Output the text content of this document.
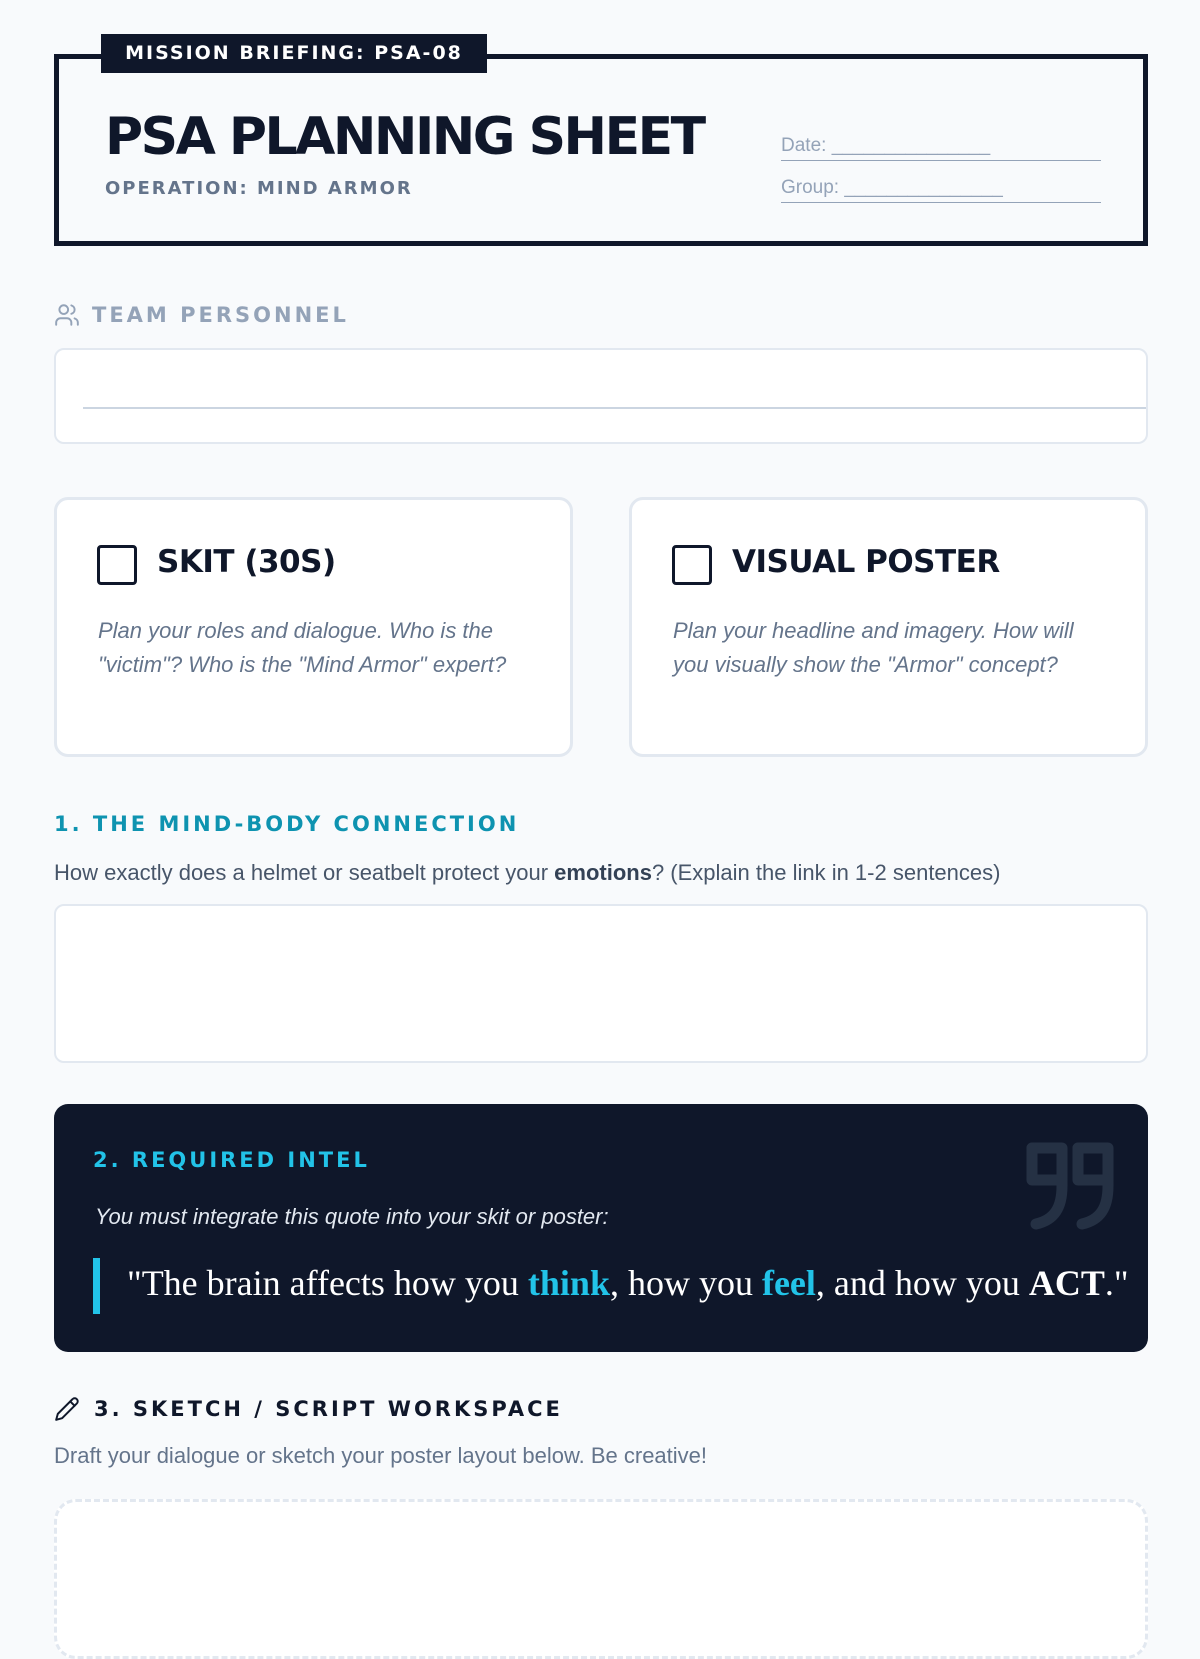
PSA PLANNING SHEET
OPERATION: MIND ARMOR
Date: _______________
Group: _______________
MISSION BRIEFING: PSA-08
TEAM PERSONNEL
SKIT (30S)
Plan your roles and dialogue. Who is the "victim"? Who is the "Mind Armor" expert?
VISUAL POSTER
Plan your headline and imagery. How will you visually show the "Armor" concept?
1. THE MIND-BODY CONNECTION
How exactly does a helmet or seatbelt protect your emotions? (Explain the link in 1-2 sentences)
2. REQUIRED INTEL
You must integrate this quote into your skit or poster:
"The brain affects how you think, how you feel, and how you ACT."
3. SKETCH / SCRIPT WORKSPACE
Draft your dialogue or sketch your poster layout below. Be creative!
